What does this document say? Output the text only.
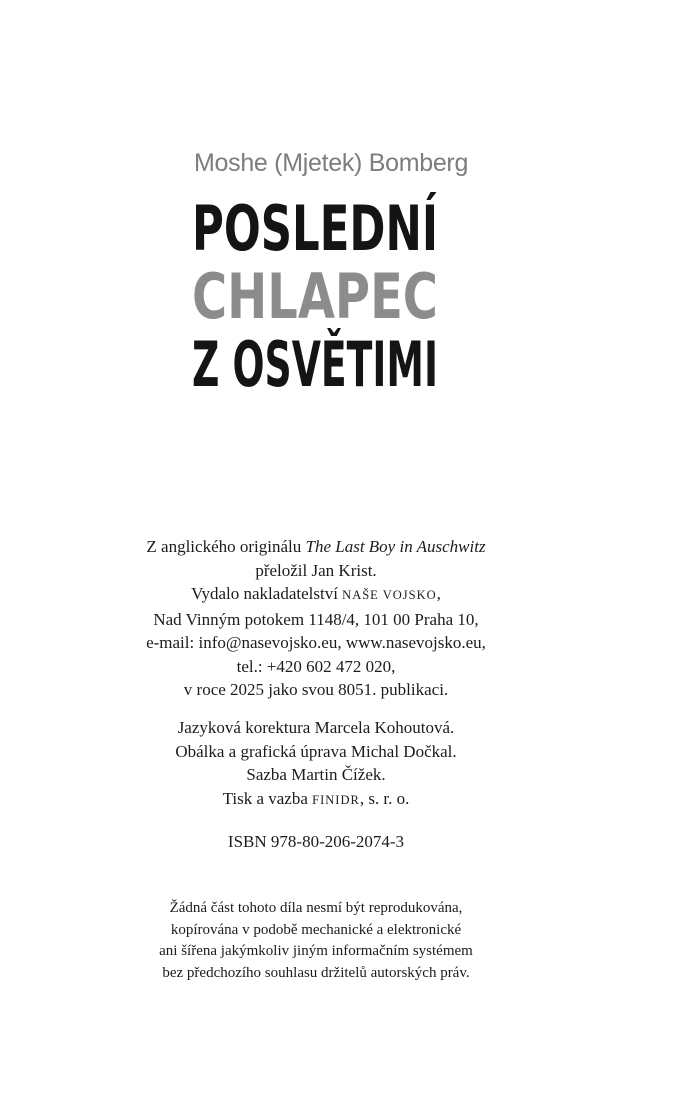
Moshe (Mjetek) Bomberg
POSLEDNÍ
CHLAPEC
Z OSVĚTIMI
Z anglického originálu The Last Boy in Auschwitz
přeložil Jan Krist.
Vydalo nakladatelství NAŠE VOJSKO,
Nad Vinným potokem 1148/4, 101 00 Praha 10,
e-mail: info@nasevojsko.eu, www.nasevojsko.eu,
tel.: +420 602 472 020,
v roce 2025 jako svou 8051. publikaci.
Jazyková korektura Marcela Kohoutová.
Obálka a grafická úprava Michal Dočkal.
Sazba Martin Čížek.
Tisk a vazba FINIDR, s. r. o.
ISBN 978-80-206-2074-3
Žádná část tohoto díla nesmí být reprodukována,
kopírována v podobě mechanické a elektronické
ani šířena jakýmkoliv jiným informačním systémem
bez předchozího souhlasu držitelů autorských práv.
